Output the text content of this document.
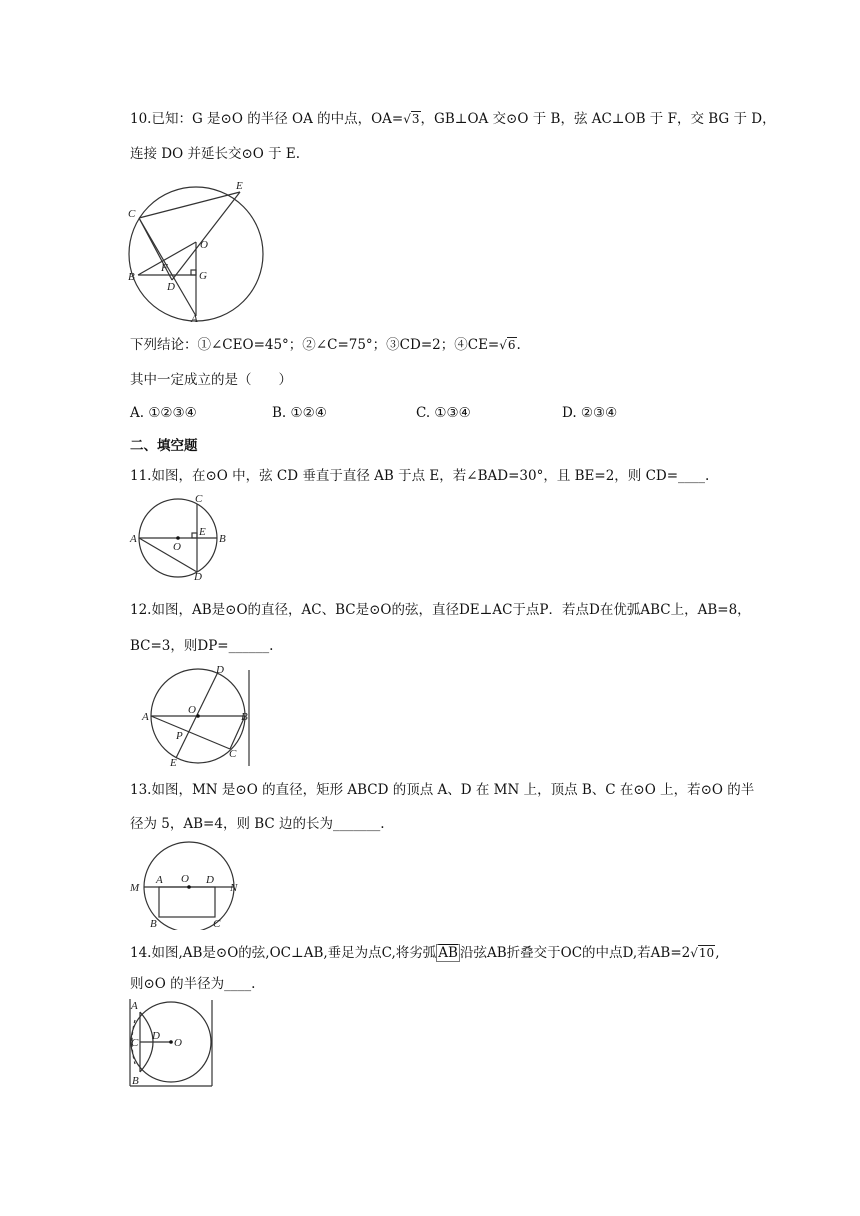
10.已知：G 是⊙O 的半径 OA 的中点，OA=√3，GB⊥OA 交⊙O 于 B，弦 AC⊥OB 于 F，交 BG 于 D，
连接 DO 并延长交⊙O 于 E.
C
E
O
B
F
D
G
A
下列结论：①∠CEO=45°；②∠C=75°；③CD=2；④CE=√6.
其中一定成立的是（　　）
A. ①②③④	B. ①②④	C. ①③④	D. ②③④
二、填空题
11.如图，在⊙O 中，弦 CD 垂直于直径 AB 于点 E，若∠BAD=30°，且 BE=2，则 CD=____.
C
A
O
E
B
D
12.如图，AB是⊙O的直径，AC、BC是⊙O的弦，直径DE⊥AC于点P．若点D在优弧ABC上，AB=8，
BC=3，则DP=______.
D
A
O
B
P
C
E
13.如图，MN 是⊙O 的直径，矩形 ABCD 的顶点 A、D 在 MN 上，顶点 B、C 在⊙O 上，若⊙O 的半
径为 5，AB=4，则 BC 边的长为_______.
M
A O D
N
B	C
14.如图,AB是⊙O的弦,OC⊥AB,垂足为点C,将劣弧 $\overline{AB}$ 沿弦AB折叠交于OC的中点D,若AB=2√10,
则⊙O 的半径为____.
A
C
D
O
B
